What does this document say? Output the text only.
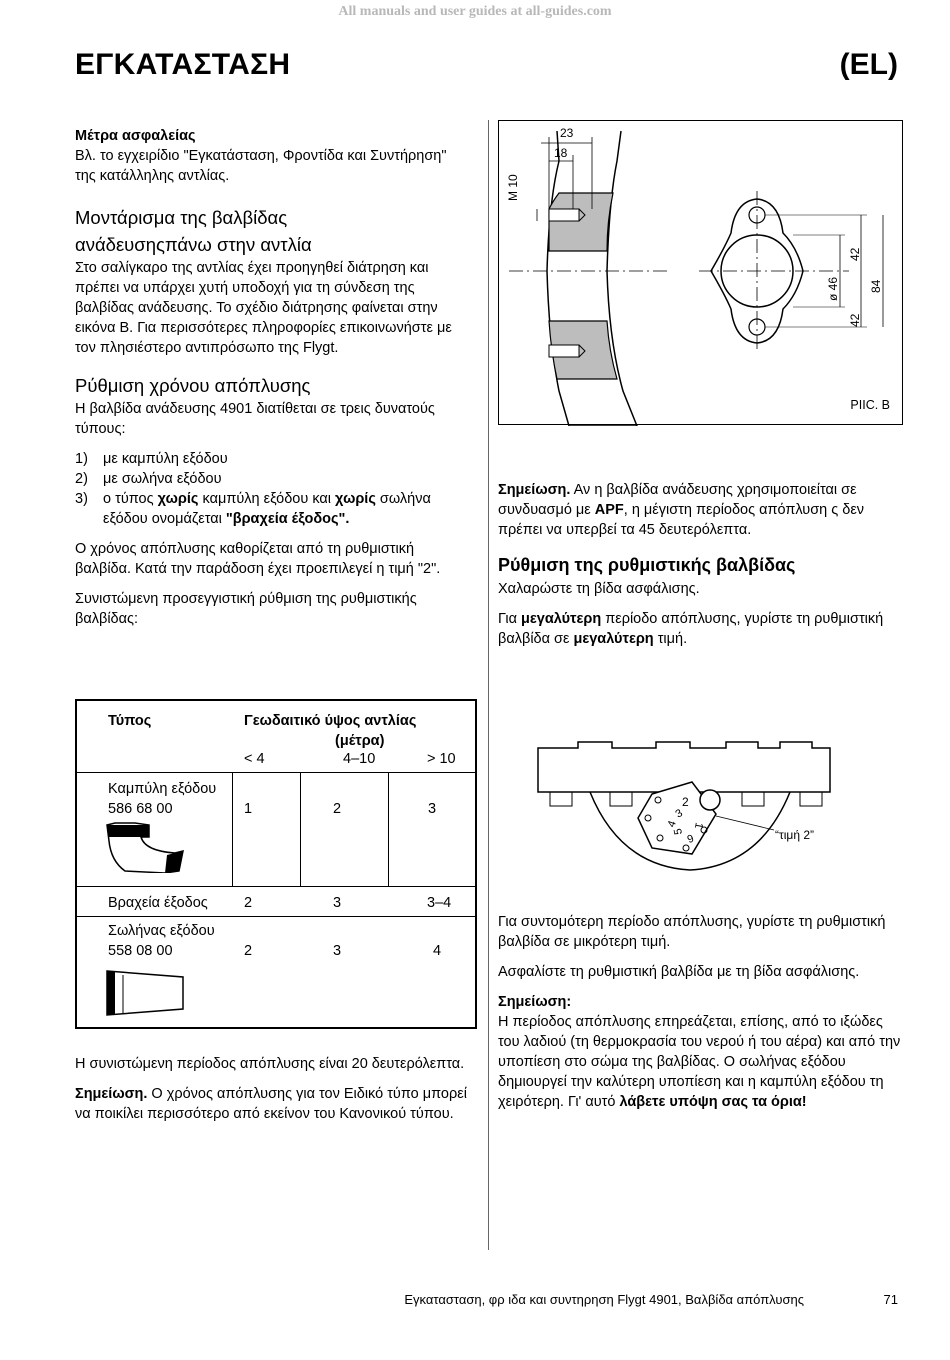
All manuals and user guides at all-guides.com
ΕΓΚΑΤΑΣΤΑΣΗ	(EL)

Μέτρα ασφαλείας

Βλ. το εγχειρίδιο "Εγκατάσταση, Φροντίδα και Συντήρηση" της κατάλληλης αντλίας.

Μοντάρισμα της βαλβίδας

ανάδευσηςπάνω στην αντλία

Στο σαλίγκαρο της αντλίας έχει προηγηθεί διάτρηση και πρέπει να υπάρχει χυτή υποδοχή για τη σύνδεση της βαλβίδας ανάδευσης. Το σχέδιο διάτρησης φαίνεται στην εικόνα B. Για περισσότερες πληροφορίες επικοινωνήστε με τον πλησιέστερο αντιπρόσωπο της Flygt.

Ρύθμιση χρόνου απόπλυσης

Η βαλβίδα ανάδευσης 4901 διατίθεται σε τρεις δυνατούς τύπους:

1)	με καμπύλη εξόδου
2)	με σωλήνα εξόδου
3)	ο τύπος χωρίς καμπύλη εξόδου και χωρίς σωλήνα εξόδου ονομάζεται "βραχεία έξοδος".

Ο χρόνος απόπλυσης καθορίζεται από τη ρυθμιστική βαλβίδα. Κατά την παράδοση έχει προεπιλεγεί η τιμή "2".

Συνιστώμενη προσεγγιστική ρύθμιση της ρυθμιστικής βαλβίδας:

Τύπος	Γεωδαιτικό ύψος αντλίας
(μέτρα)
< 4	4–10	> 10
Καμπύλη εξόδου
586 68 00	1	2	3
Βραχεία έξοδος 2	3	3–4
Σωλήνας εξόδου
558 08 00	2	3	4

Η συνιστώμενη περίοδος απόπλυσης είναι 20 δευτερόλεπτα.

Σημείωση. Ο χρόνος απόπλυσης για τον Ειδικό τύπο μπορεί να ποικίλει περισσότερο από εκείνον του Κανονικού τύπου.

23
18
M 10
42
ø 46
42
84
PIIC. B

Σημείωση. Αν η βαλβίδα ανάδευσης χρησιμοποιείται σε συνδυασμό με APF, η μέγιστη περίοδος απόπλυση ς δεν πρέπει να υπερβεί τα 45 δευτερόλεπτα.

Ρύθμιση της ρυθμιστικής βαλβίδας

Χαλαρώστε τη βίδα ασφάλισης.

Για μεγαλύτερη περίοδο απόπλυσης, γυρίστε τη ρυθμιστική βαλβίδα σε μεγαλύτερη τιμή.

2
1
6
5
4
3
“τιμή 2”

Για συντομότερη περίοδο απόπλυσης, γυρίστε τη ρυθμιστική βαλβίδα σε μικρότερη τιμή.

Ασφαλίστε τη ρυθμιστική βαλβίδα με τη βίδα ασφάλισης.

Σημείωση:

Η περίοδος απόπλυσης επηρεάζεται, επίσης, από το ιξώδες του λαδιού (τη θερμοκρασία του νερού ή του αέρα) και από την υποπίεση στο σώμα της βαλβίδας. Ο σωλήνας εξόδου δημιουργεί την καλύτερη υποπίεση και η καμπύλη εξόδου τη χειρότερη. Γι' αυτό λάβετε υπόψη σας τα όρια!

Εγκατασταση, φρ ιδα και συντηρηση Flygt 4901, Βαλβίδα απόπλυσης	71
